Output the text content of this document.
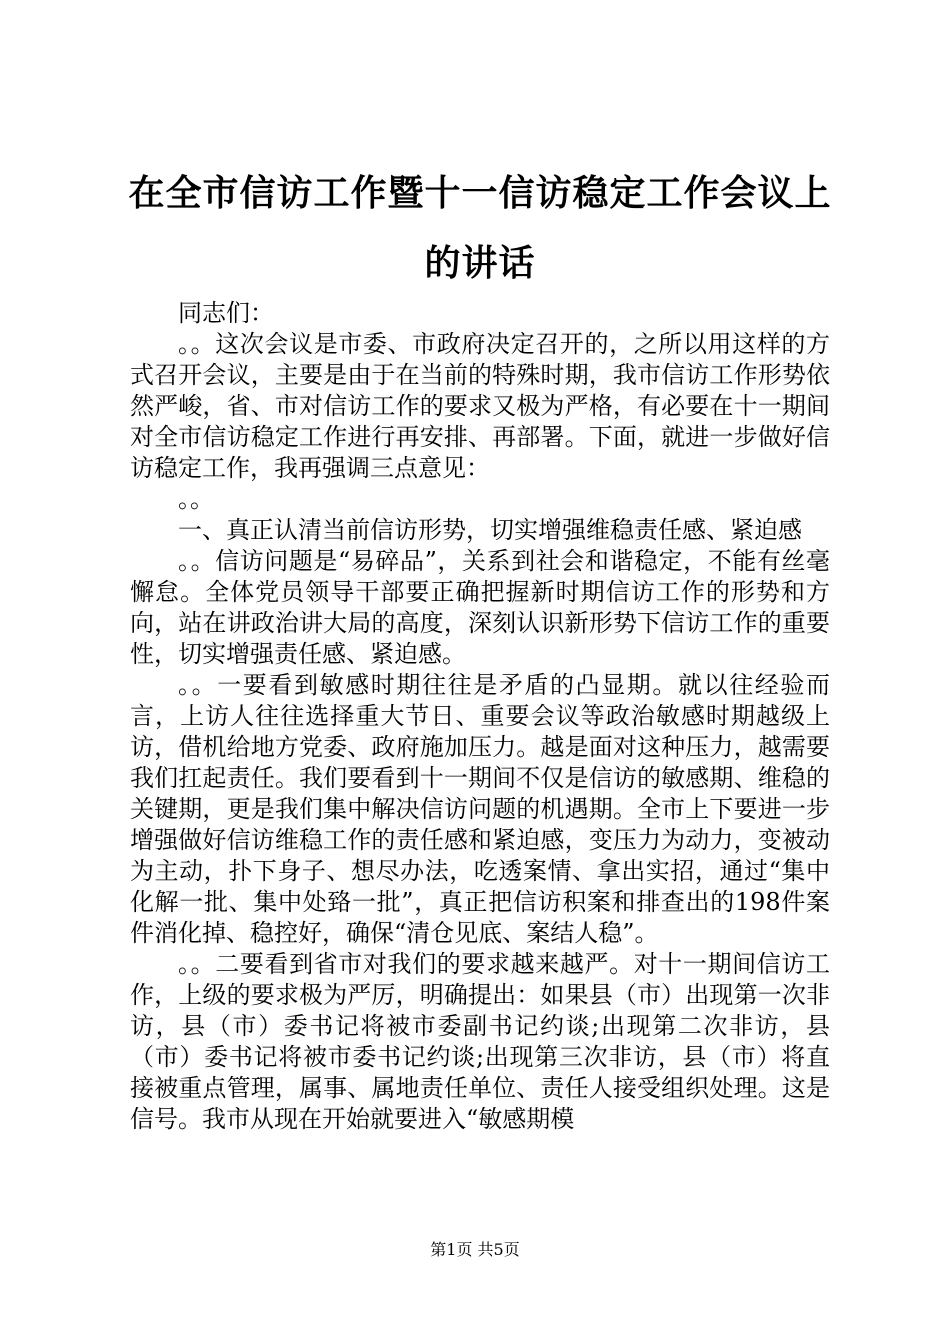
在全市信访工作暨十一信访稳定工作会议上的讲话

同志们：

。。这次会议是市委、市政府决定召开的，之所以用这样的方式召开会议，主要是由于在当前的特殊时期，我市信访工作形势依然严峻，省、市对信访工作的要求又极为严格，有必要在十一期间对全市信访稳定工作进行再安排、再部署。下面，就进一步做好信访稳定工作，我再强调三点意见：

。。

一、真正认清当前信访形势，切实增强维稳责任感、紧迫感

。。信访问题是“易碎品”，关系到社会和谐稳定，不能有丝毫懈怠。全体党员领导干部要正确把握新时期信访工作的形势和方向，站在讲政治讲大局的高度，深刻认识新形势下信访工作的重要性，切实增强责任感、紧迫感。

。。一要看到敏感时期往往是矛盾的凸显期。就以往经验而言，上访人往往选择重大节日、重要会议等政治敏感时期越级上访，借机给地方党委、政府施加压力。越是面对这种压力，越需要我们扛起责任。我们要看到十一期间不仅是信访的敏感期、维稳的关键期，更是我们集中解决信访问题的机遇期。全市上下要进一步增强做好信访维稳工作的责任感和紧迫感，变压力为动力，变被动为主动，扑下身子、想尽办法，吃透案情、拿出实招，通过“集中化解一批、集中处臵一批”，真正把信访积案和排查出的198件案件消化掉、稳控好，确保“清仓见底、案结人稳”。

。。二要看到省市对我们的要求越来越严。对十一期间信访工作，上级的要求极为严厉，明确提出：如果县（市）出现第一次非访，县（市）委书记将被市委副书记约谈;出现第二次非访，县（市）委书记将被市委书记约谈;出现第三次非访，县（市）将直接被重点管理，属事、属地责任单位、责任人接受组织处理。这是信号。我市从现在开始就要进入“敏感期模

第1页 共5页
